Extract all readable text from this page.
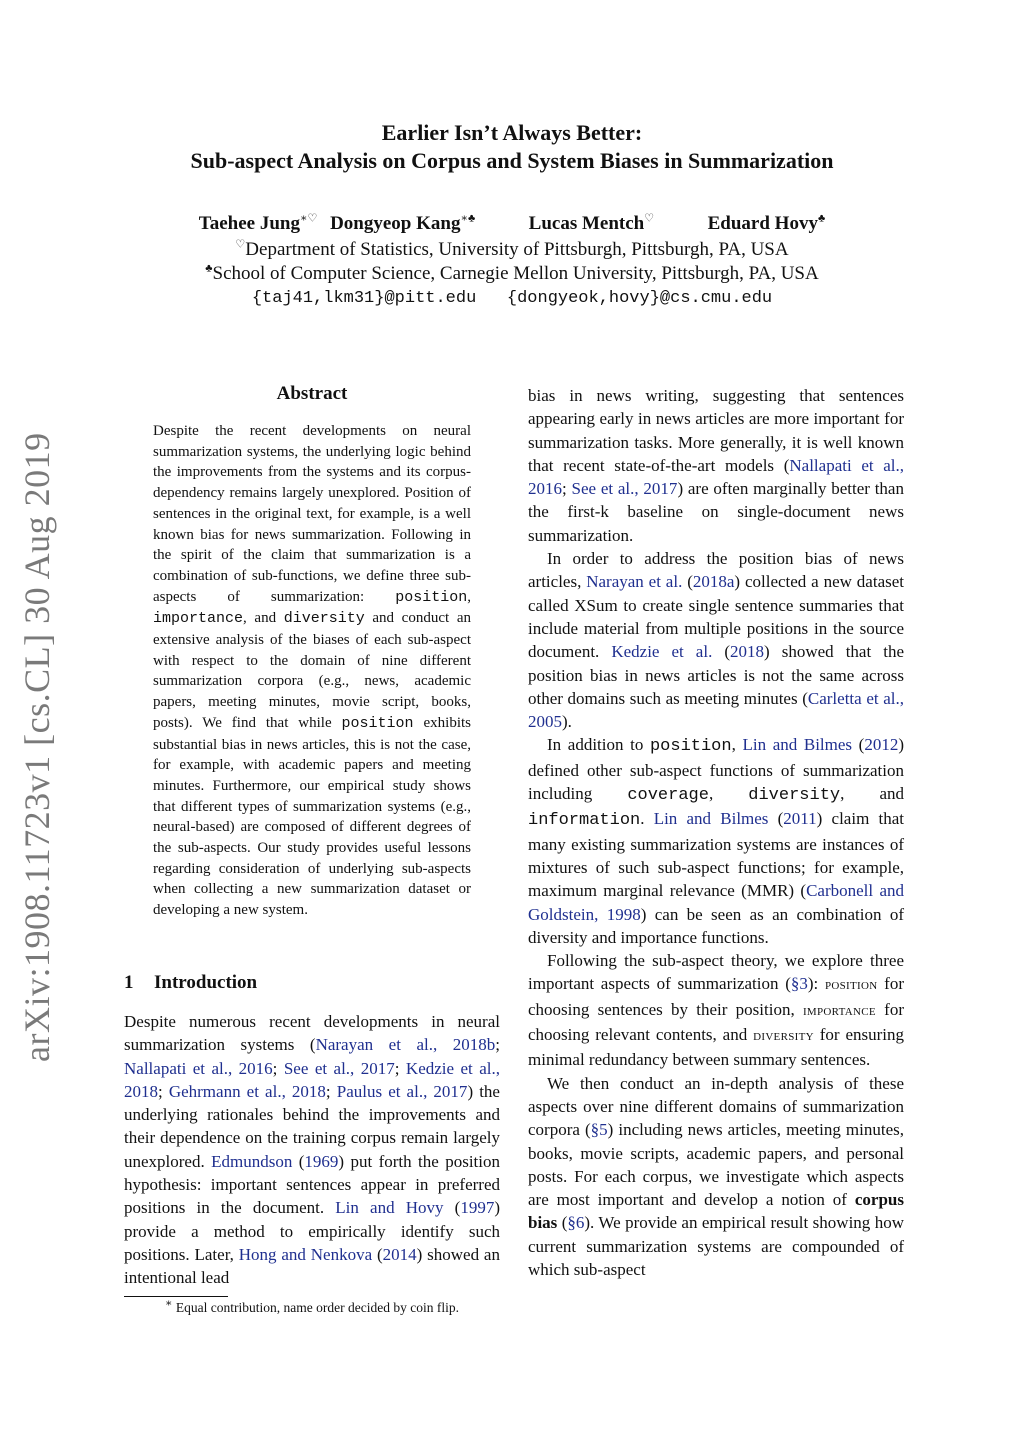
arXiv:1908.11723v1 [cs.CL] 30 Aug 2019
Earlier Isn’t Always Better:
Sub-aspect Analysis on Corpus and System Biases in Summarization
Taehee Jung∗♡ Dongyeop Kang∗♣	Lucas Mentch♡	Eduard Hovy♣
♡Department of Statistics, University of Pittsburgh, Pittsburgh, PA, USA
♣School of Computer Science, Carnegie Mellon University, Pittsburgh, PA, USA
{taj41,lkm31}@pitt.edu {dongyeok,hovy}@cs.cmu.edu
Abstract

Despite the recent developments on neural summarization systems, the underlying logic behind the improvements from the systems and its corpus-dependency remains largely unexplored. Position of sentences in the original text, for example, is a well known bias for news summarization. Following in the spirit of the claim that summarization is a combination of sub-functions, we define three sub-aspects of summarization: position, importance, and diversity and conduct an extensive analysis of the biases of each sub-aspect with respect to the domain of nine different summarization corpora (e.g., news, academic papers, meeting minutes, movie script, books, posts). We find that while position exhibits substantial bias in news articles, this is not the case, for example, with academic papers and meeting minutes. Furthermore, our empirical study shows that different types of summarization systems (e.g., neural-based) are composed of different degrees of the sub-aspects. Our study provides useful lessons regarding consideration of underlying sub-aspects when collecting a new summarization dataset or developing a new system.

1 Introduction

Despite numerous recent developments in neural summarization systems (Narayan et al., 2018b; Nallapati et al., 2016; See et al., 2017; Kedzie et al., 2018; Gehrmann et al., 2018; Paulus et al., 2017) the underlying rationales behind the improvements and their dependence on the training corpus remain largely unexplored. Edmundson (1969) put forth the position hypothesis: important sentences appear in preferred positions in the document. Lin and Hovy (1997) provide a method to empirically identify such positions. Later, Hong and Nenkova (2014) showed an intentional lead

∗ Equal contribution, name order decided by coin flip.

bias in news writing, suggesting that sentences appearing early in news articles are more important for summarization tasks. More generally, it is well known that recent state-of-the-art models (Nallapati et al., 2016; See et al., 2017) are often marginally better than the first-k baseline on single-document news summarization.

In order to address the position bias of news articles, Narayan et al. (2018a) collected a new dataset called XSum to create single sentence summaries that include material from multiple positions in the source document. Kedzie et al. (2018) showed that the position bias in news articles is not the same across other domains such as meeting minutes (Carletta et al., 2005).

In addition to position, Lin and Bilmes (2012) defined other sub-aspect functions of summarization including coverage, diversity, and information. Lin and Bilmes (2011) claim that many existing summarization systems are instances of mixtures of such sub-aspect functions; for example, maximum marginal relevance (MMR) (Carbonell and Goldstein, 1998) can be seen as an combination of diversity and importance functions.

Following the sub-aspect theory, we explore three important aspects of summarization (§3): position for choosing sentences by their position, importance for choosing relevant contents, and diversity for ensuring minimal redundancy between summary sentences.

We then conduct an in-depth analysis of these aspects over nine different domains of summarization corpora (§5) including news articles, meeting minutes, books, movie scripts, academic papers, and personal posts. For each corpus, we investigate which aspects are most important and develop a notion of corpus bias (§6). We provide an empirical result showing how current summarization systems are compounded of which sub-aspect
